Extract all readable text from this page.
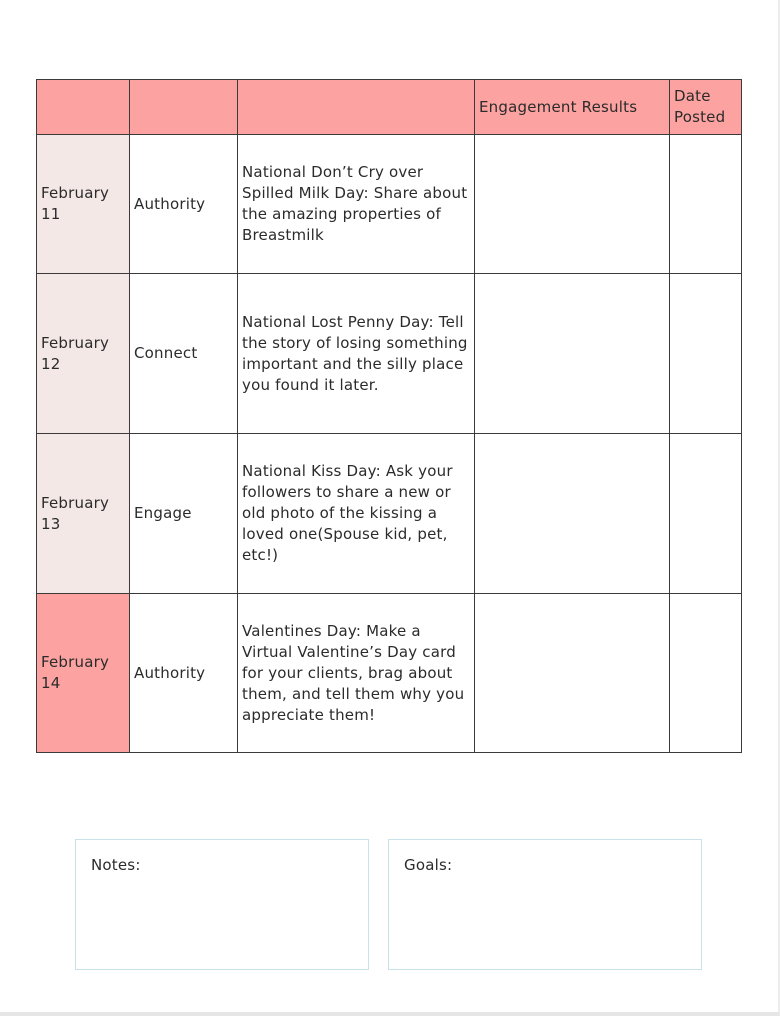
			Engagement Results	Date Posted
February 11	Authority	National Don’t Cry over Spilled Milk Day: Share about the amazing properties of Breastmilk		
February 12	Connect	National Lost Penny Day: Tell the story of losing something important and the silly place you found it later.		
February 13	Engage	National Kiss Day: Ask your followers to share a new or old photo of the kissing a loved one(Spouse kid, pet, etc!)		
February 14	Authority	Valentines Day: Make a Virtual Valentine’s Day card for your clients, brag about them, and tell them why you appreciate them!		
Notes:	Goals:
